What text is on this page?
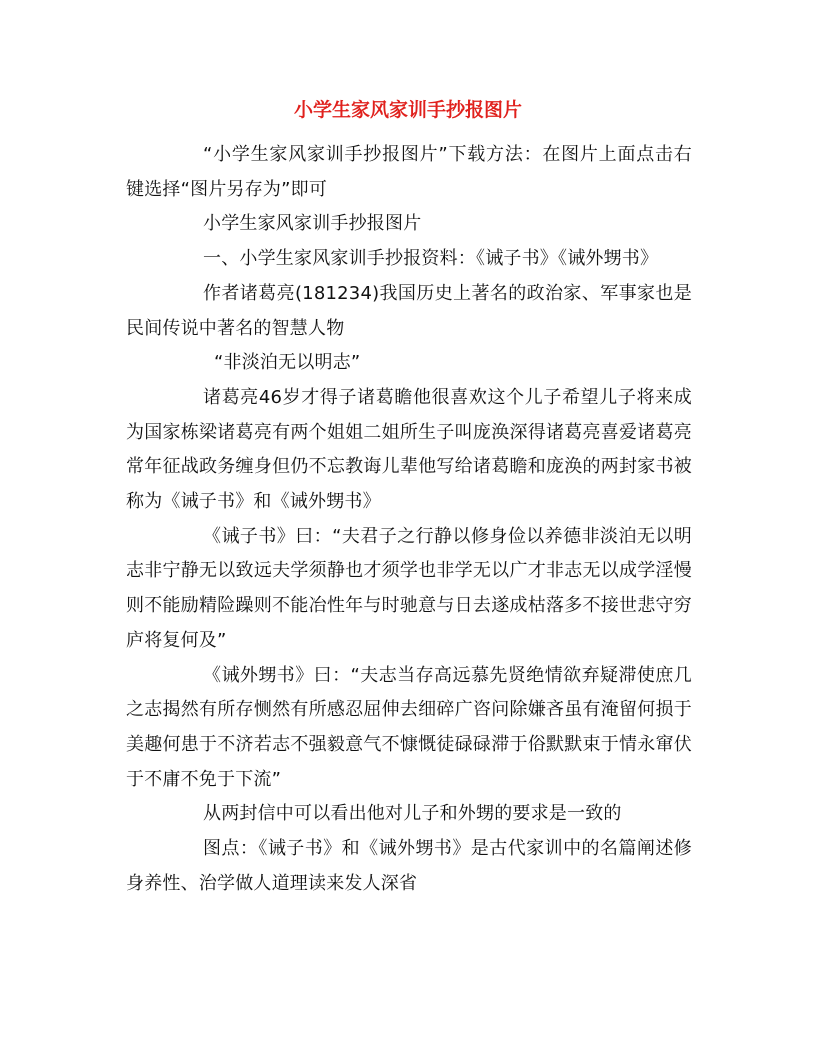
小学生家风家训手抄报图片

“小学生家风家训手抄报图片”下载方法：在图片上面点击右键选择“图片另存为”即可

小学生家风家训手抄报图片

一、小学生家风家训手抄报资料：《诫子书》《诫外甥书》

作者诸葛亮(181234)我国历史上著名的政治家、军事家也是民间传说中著名的智慧人物

“非淡泊无以明志”

诸葛亮46岁才得子诸葛瞻他很喜欢这个儿子希望儿子将来成为国家栋梁诸葛亮有两个姐姐二姐所生子叫庞涣深得诸葛亮喜爱诸葛亮常年征战政务缠身但仍不忘教诲儿辈他写给诸葛瞻和庞涣的两封家书被称为《诫子书》和《诫外甥书》

《诫子书》曰：“夫君子之行静以修身俭以养德非淡泊无以明志非宁静无以致远夫学须静也才须学也非学无以广才非志无以成学淫慢则不能励精险躁则不能冶性年与时驰意与日去遂成枯落多不接世悲守穷庐将复何及”

《诫外甥书》曰：“夫志当存高远慕先贤绝情欲弃疑滞使庶几之志揭然有所存恻然有所感忍屈伸去细碎广咨问除嫌吝虽有淹留何损于美趣何患于不济若志不强毅意气不慷慨徒碌碌滞于俗默默束于情永窜伏于不庸不免于下流”

从两封信中可以看出他对儿子和外甥的要求是一致的

图点：《诫子书》和《诫外甥书》是古代家训中的名篇阐述修身养性、治学做人道理读来发人深省
